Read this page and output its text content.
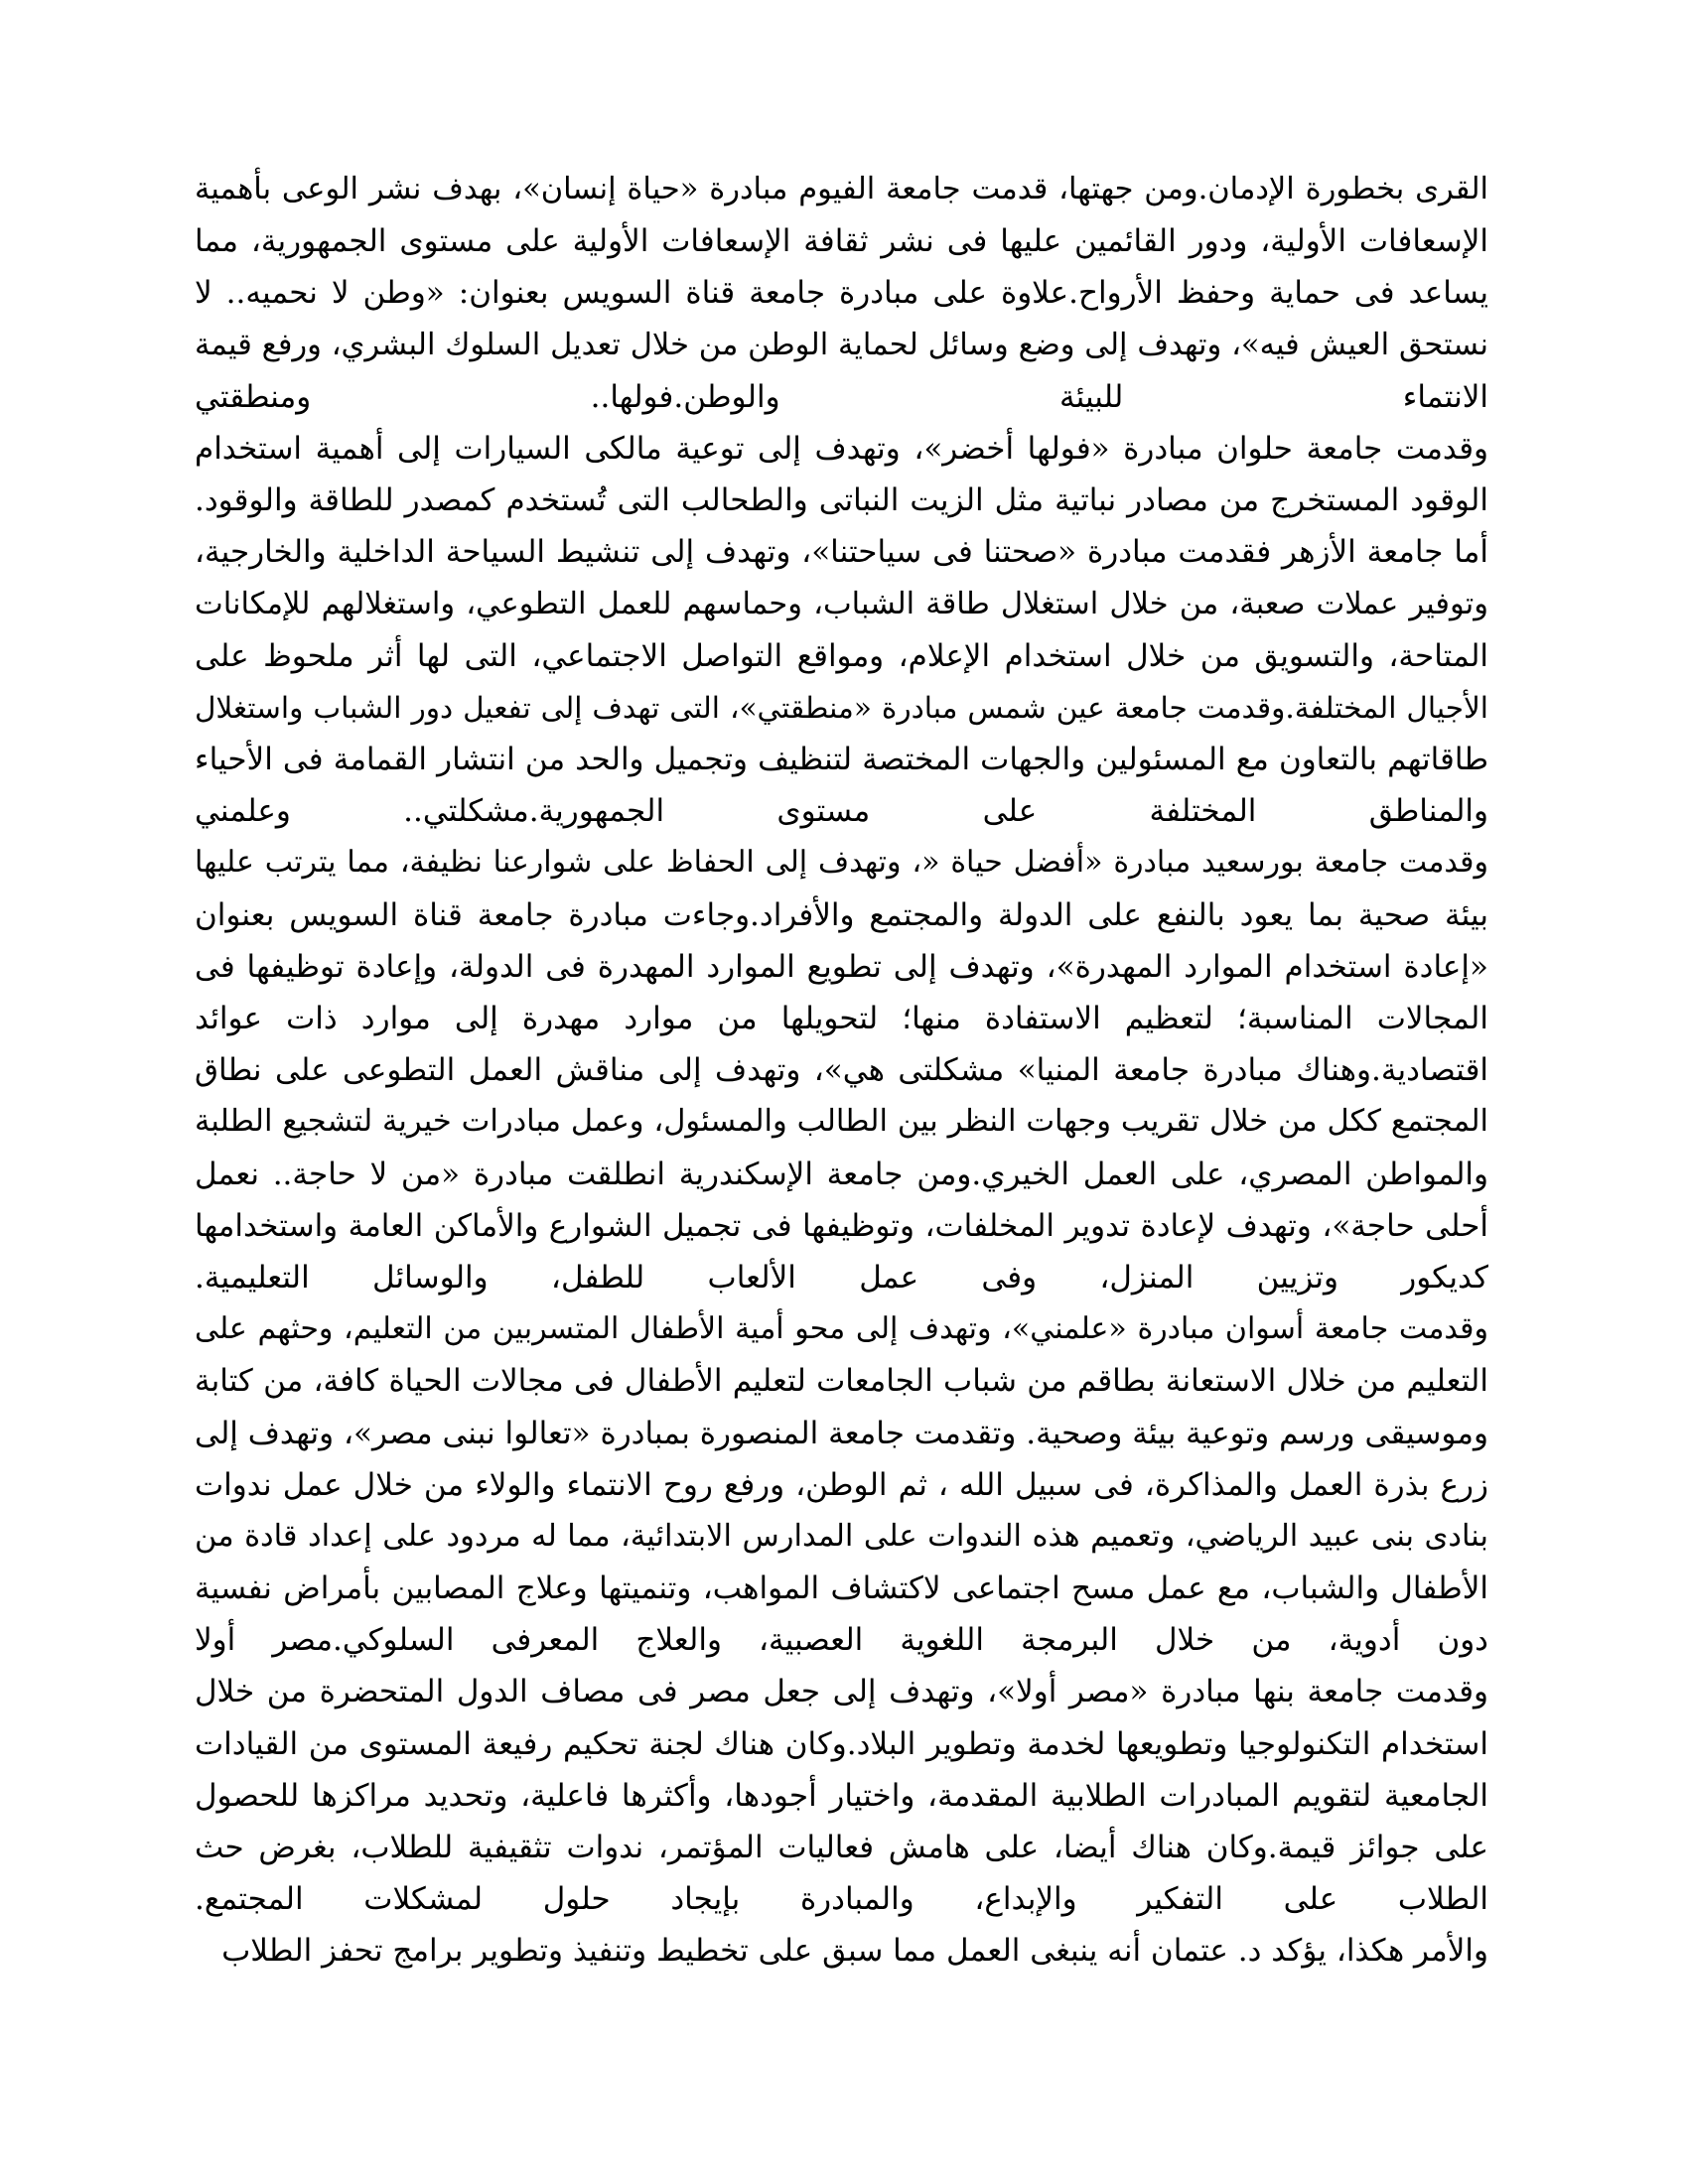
القرى بخطورة الإدمان.ومن جهتها، قدمت جامعة الفيوم مبادرة «حياة إنسان»، بهدف نشر الوعى بأهمية
الإسعافات الأولية، ودور القائمين عليها فى نشر ثقافة الإسعافات الأولية على مستوى الجمهورية، مما
يساعد فى حماية وحفظ الأرواح.علاوة على مبادرة جامعة قناة السويس بعنوان: «وطن لا نحميه.. لا
نستحق العيش فيه»، وتهدف إلى وضع وسائل لحماية الوطن من خلال تعديل السلوك البشري، ورفع قيمة
الانتماء للبيئة والوطن.فولها.. ومنطقتي
وقدمت جامعة حلوان مبادرة «فولها أخضر»، وتهدف إلى توعية مالكى السيارات إلى أهمية استخدام
الوقود المستخرج من مصادر نباتية مثل الزيت النباتى والطحالب التى تُستخدم كمصدر للطاقة والوقود.
أما جامعة الأزهر فقدمت مبادرة «صحتنا فى سياحتنا»، وتهدف إلى تنشيط السياحة الداخلية والخارجية،
وتوفير عملات صعبة، من خلال استغلال طاقة الشباب، وحماسهم للعمل التطوعي، واستغلالهم للإمكانات
المتاحة، والتسويق من خلال استخدام الإعلام، ومواقع التواصل الاجتماعي، التى لها أثر ملحوظ على
الأجيال المختلفة.وقدمت جامعة عين شمس مبادرة «منطقتي»، التى تهدف إلى تفعيل دور الشباب واستغلال
طاقاتهم بالتعاون مع المسئولين والجهات المختصة لتنظيف وتجميل والحد من انتشار القمامة فى الأحياء
والمناطق المختلفة على مستوى الجمهورية.مشكلتي.. وعلمني
وقدمت جامعة بورسعيد مبادرة «أفضل حياة «، وتهدف إلى الحفاظ على شوارعنا نظيفة، مما يترتب عليها
بيئة صحية بما يعود بالنفع على الدولة والمجتمع والأفراد.وجاءت مبادرة جامعة قناة السويس بعنوان
«إعادة استخدام الموارد المهدرة»، وتهدف إلى تطويع الموارد المهدرة فى الدولة، وإعادة توظيفها فى
المجالات المناسبة؛ لتعظيم الاستفادة منها؛ لتحويلها من موارد مهدرة إلى موارد ذات عوائد
اقتصادية.وهناك مبادرة جامعة المنيا» مشكلتى هي»، وتهدف إلى مناقش العمل التطوعى على نطاق
المجتمع ككل من خلال تقريب وجهات النظر بين الطالب والمسئول، وعمل مبادرات خيرية لتشجيع الطلبة
والمواطن المصري، على العمل الخيري.ومن جامعة الإسكندرية انطلقت مبادرة «من لا حاجة.. نعمل
أحلى حاجة»، وتهدف لإعادة تدوير المخلفات، وتوظيفها فى تجميل الشوارع والأماكن العامة واستخدامها
كديكور وتزيين المنزل، وفى عمل الألعاب للطفل، والوسائل التعليمية.
وقدمت جامعة أسوان مبادرة «علمني»، وتهدف إلى محو أمية الأطفال المتسربين من التعليم، وحثهم على
التعليم من خلال الاستعانة بطاقم من شباب الجامعات لتعليم الأطفال فى مجالات الحياة كافة، من كتابة
وموسيقى ورسم وتوعية بيئة وصحية. وتقدمت جامعة المنصورة بمبادرة «تعالوا نبنى مصر»، وتهدف إلى
زرع بذرة العمل والمذاكرة، فى سبيل الله ، ثم الوطن، ورفع روح الانتماء والولاء من خلال عمل ندوات
بنادى بنى عبيد الرياضي، وتعميم هذه الندوات على المدارس الابتدائية، مما له مردود على إعداد قادة من
الأطفال والشباب، مع عمل مسح اجتماعى لاكتشاف المواهب، وتنميتها وعلاج المصابين بأمراض نفسية
دون أدوية، من خلال البرمجة اللغوية العصبية، والعلاج المعرفى السلوكي.مصر أولا
وقدمت جامعة بنها مبادرة «مصر أولا»، وتهدف إلى جعل مصر فى مصاف الدول المتحضرة من خلال
استخدام التكنولوجيا وتطويعها لخدمة وتطوير البلاد.وكان هناك لجنة تحكيم رفيعة المستوى من القيادات
الجامعية لتقويم المبادرات الطلابية المقدمة، واختيار أجودها، وأكثرها فاعلية، وتحديد مراكزها للحصول
على جوائز قيمة.وكان هناك أيضا، على هامش فعاليات المؤتمر، ندوات تثقيفية للطلاب، بغرض حث
الطلاب على التفكير والإبداع، والمبادرة بإيجاد حلول لمشكلات المجتمع.
والأمر هكذا، يؤكد د. عتمان أنه ينبغى العمل مما سبق على تخطيط وتنفيذ وتطوير برامج تحفز الطلاب
